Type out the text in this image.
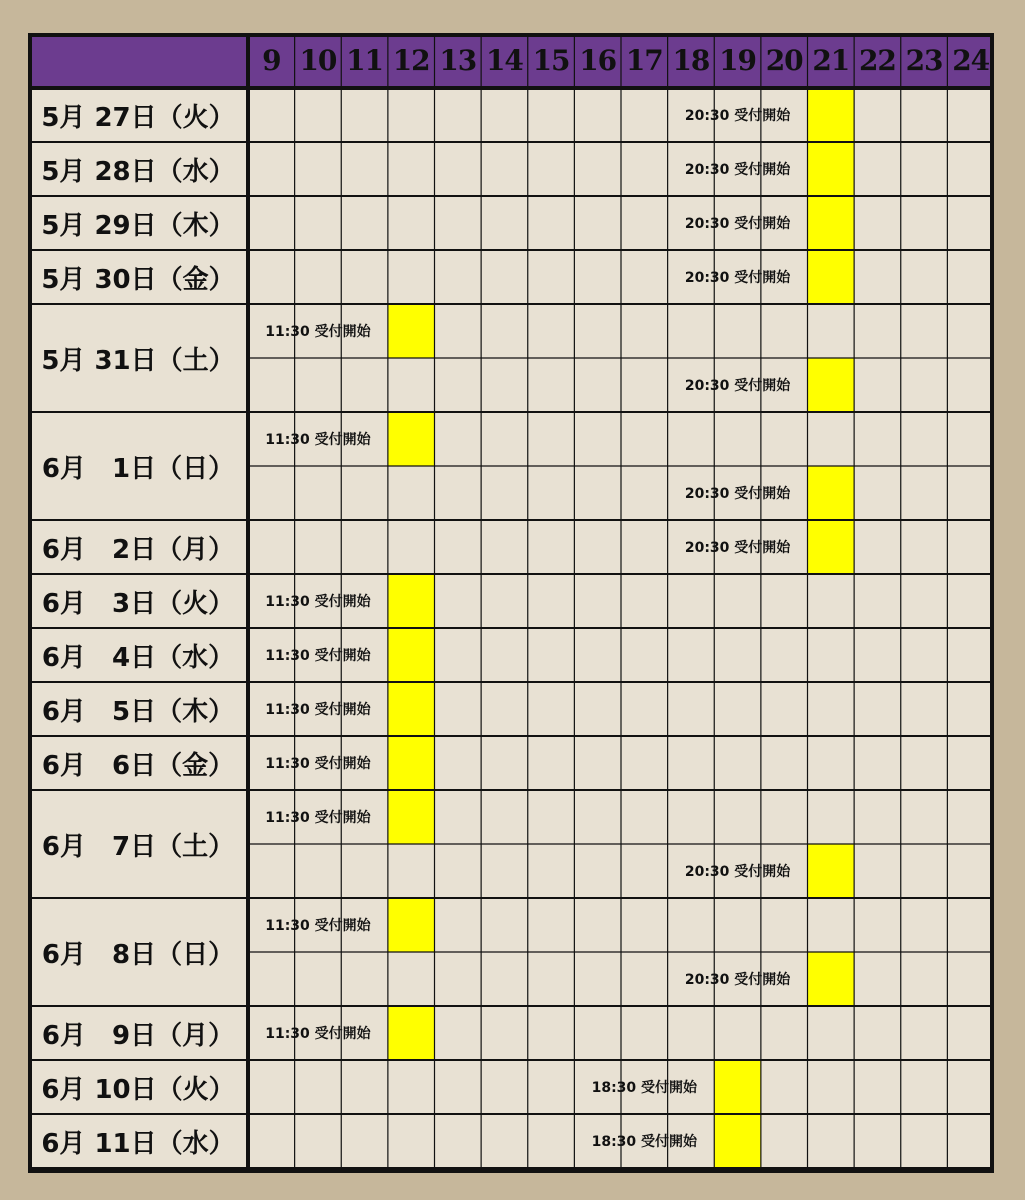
20:30 受付開始
20:30 受付開始
20:30 受付開始
20:30 受付開始
11:30 受付開始
20:30 受付開始
11:30 受付開始
20:30 受付開始
20:30 受付開始
11:30 受付開始
11:30 受付開始
11:30 受付開始
11:30 受付開始
11:30 受付開始
20:30 受付開始
11:30 受付開始
20:30 受付開始
11:30 受付開始
18:30 受付開始
18:30 受付開始
5月 27日（火）
5月 28日（水）
5月 29日（木）
5月 30日（金）
5月 31日（土）
6月　1日（日）
6月　2日（月）
6月　3日（火）
6月　4日（水）
6月　5日（木）
6月　6日（金）
6月　7日（土）
6月　8日（日）
6月　9日（月）
6月 10日（火）
6月 11日（水）
9 10 11 12 13 14 15 16 17 18 19 20 21 22 23 24
